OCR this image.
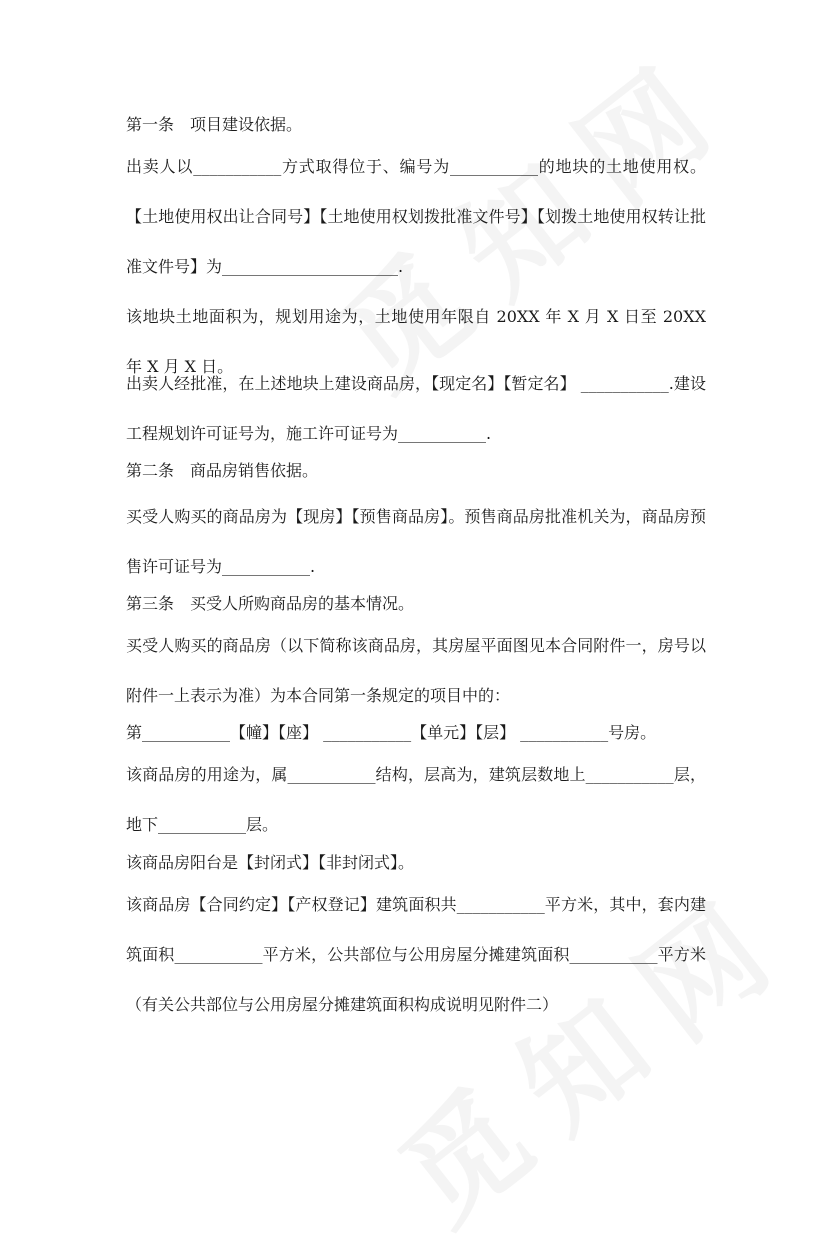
第一条　项目建设依据。

出卖人以___________方式取得位于、编号为___________的地块的土地使用权。【土地使用权出让合同号】【土地使用权划拨批准文件号】【划拨土地使用权转让批准文件号】为______________________.

该地块土地面积为，规划用途为，土地使用年限自 20XX 年 X 月 X 日至 20XX 年 X 月 X 日。

出卖人经批准，在上述地块上建设商品房，【现定名】【暂定名】 ___________.建设工程规划许可证号为，施工许可证号为___________.

第二条　商品房销售依据。

买受人购买的商品房为【现房】【预售商品房】。预售商品房批准机关为，商品房预售许可证号为___________.

第三条　买受人所购商品房的基本情况。

买受人购买的商品房（以下简称该商品房，其房屋平面图见本合同附件一，房号以附件一上表示为准）为本合同第一条规定的项目中的：

第___________【幢】【座】 ___________【单元】【层】 ___________号房。

该商品房的用途为，属___________结构，层高为，建筑层数地上___________层，地下___________层。

该商品房阳台是【封闭式】【非封闭式】。

该商品房【合同约定】【产权登记】建筑面积共___________平方米，其中，套内建筑面积___________平方米，公共部位与公用房屋分摊建筑面积___________平方米（有关公共部位与公用房屋分摊建筑面积构成说明见附件二）
